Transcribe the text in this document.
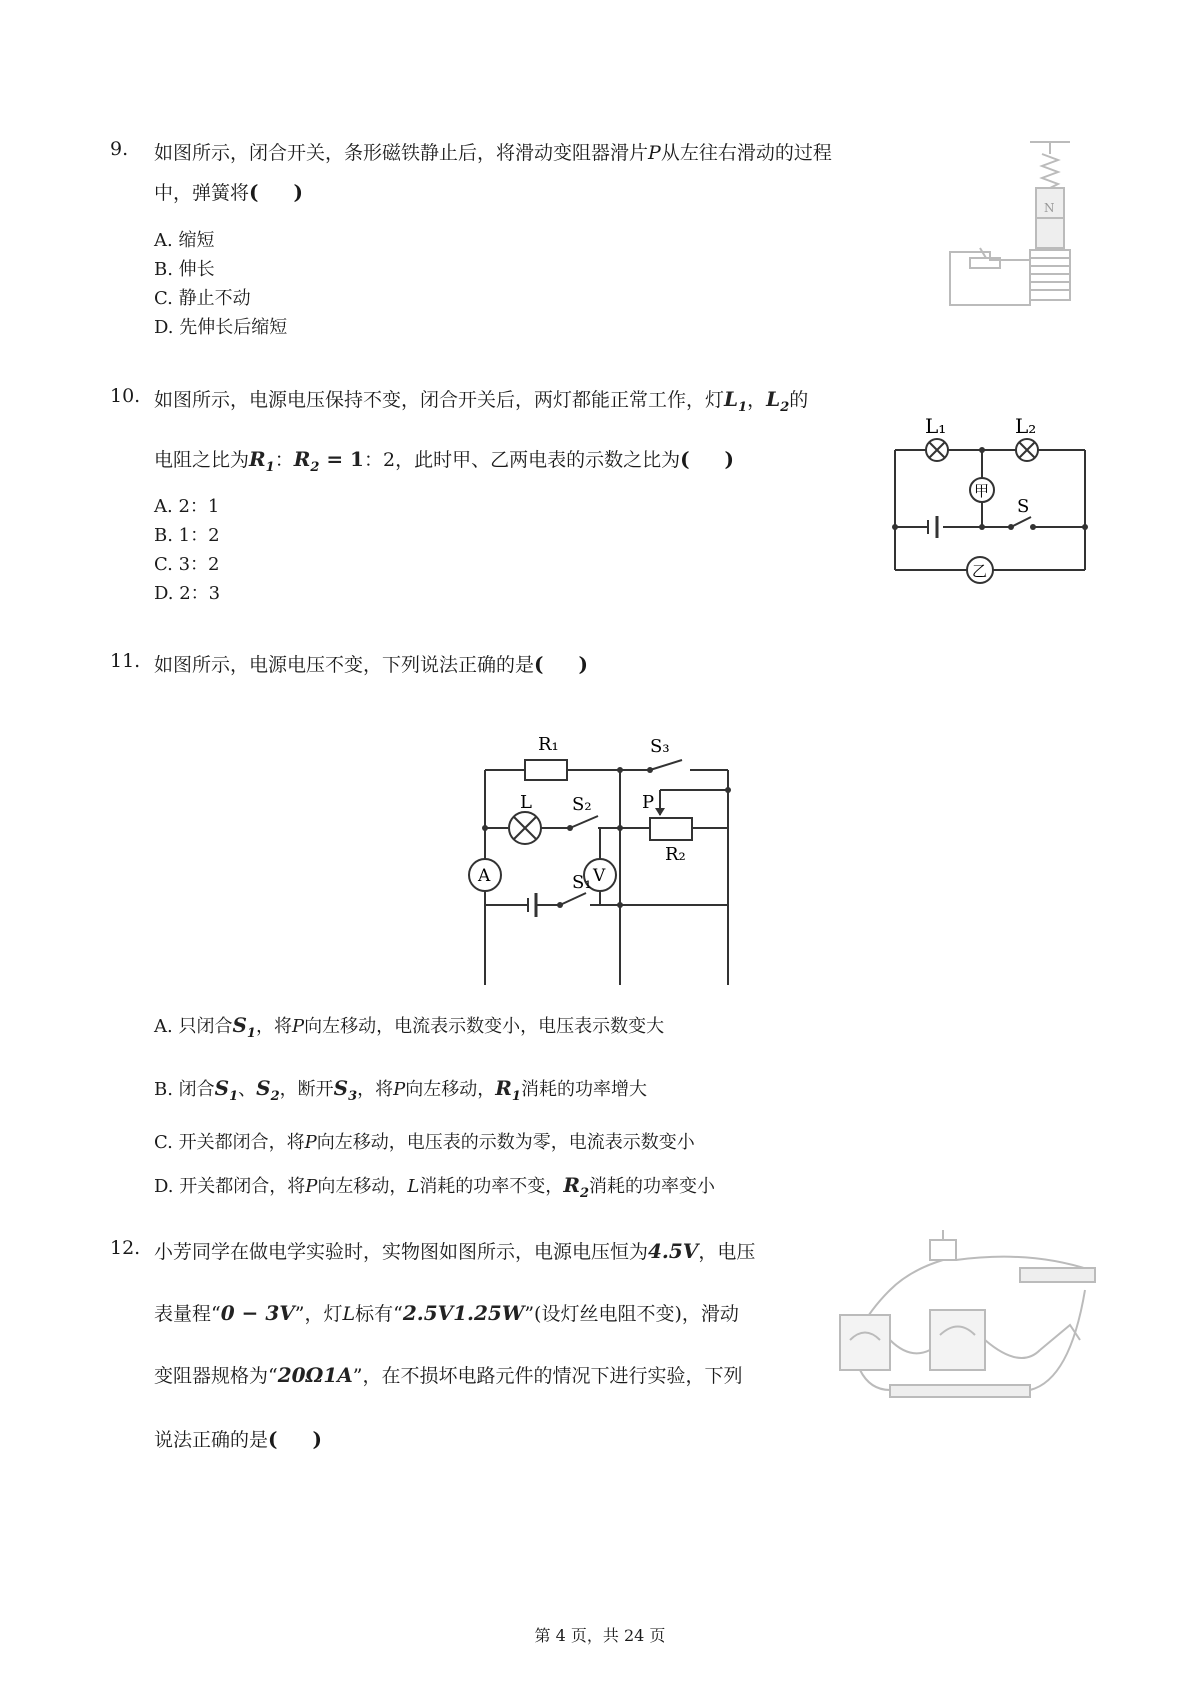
9. 如图所示，闭合开关，条形磁铁静止后，将滑动变阻器滑片P从左往右滑动的过程
中，弹簧将( )
A. 缩短
B. 伸长
C. 静止不动
D. 先伸长后缩短
N
10. 如图所示，电源电压保持不变，闭合开关后，两灯都能正常工作，灯$L_1$，$L_2$的
电阻之比为$R_1$：$R_2 = 1$：2，此时甲、乙两电表的示数之比为( )
A. 2：1
B. 1：2
C. 3：2
D. 2：3
L₁	L₂
甲
乙
S
11. 如图所示，电源电压不变，下列说法正确的是( )
R₁	S₃
L S₂	P
R₂
A	V
S₁
A. 只闭合$S_1$，将P向左移动，电流表示数变小，电压表示数变大
B. 闭合$S_1$、$S_2$，断开$S_3$，将P向左移动，$R_1$消耗的功率增大
C. 开关都闭合，将P向左移动，电压表的示数为零，电流表示数变小
D. 开关都闭合，将P向左移动，L消耗的功率不变，$R_2$消耗的功率变小
12. 小芳同学在做电学实验时，实物图如图所示，电源电压恒为4.5V，电压
表量程“0 − 3V”，灯L标有“2.5V1.25W”(设灯丝电阻不变)，滑动
变阻器规格为“20Ω1A”，在不损坏电路元件的情况下进行实验，下列
说法正确的是( )
第 4 页，共 24 页
